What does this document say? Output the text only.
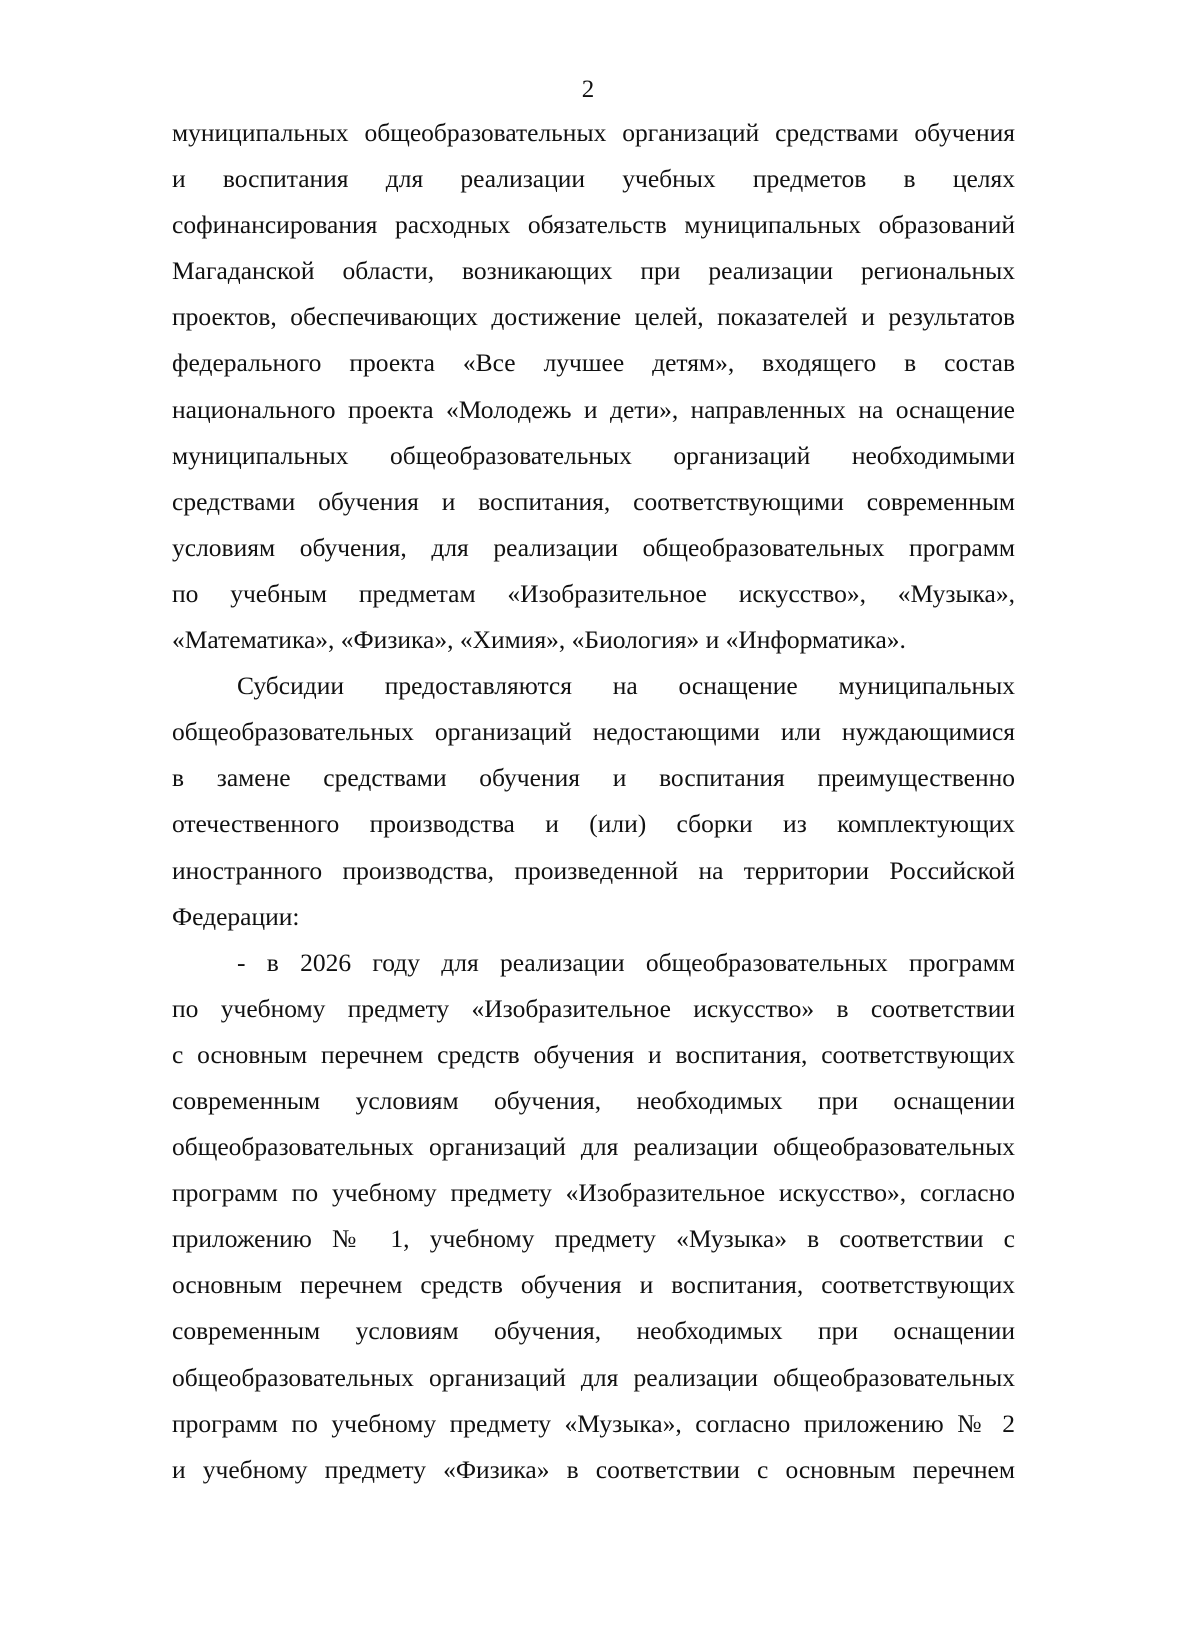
2
муниципальных общеобразовательных организаций средствами обучения
и воспитания для реализации учебных предметов в целях
софинансирования расходных обязательств муниципальных образований
Магаданской области, возникающих при реализации региональных
проектов, обеспечивающих достижение целей, показателей и результатов
федерального проекта «Все лучшее детям», входящего в состав
национального проекта «Молодежь и дети», направленных на оснащение
муниципальных общеобразовательных организаций необходимыми
средствами обучения и воспитания, соответствующими современным
условиям обучения, для реализации общеобразовательных программ
по учебным предметам «Изобразительное искусство», «Музыка»,
«Математика», «Физика», «Химия», «Биология» и «Информатика».
Субсидии предоставляются на оснащение муниципальных
общеобразовательных организаций недостающими или нуждающимися
в замене средствами обучения и воспитания преимущественно
отечественного производства и (или) сборки из комплектующих
иностранного производства, произведенной на территории Российской
Федерации:
- в 2026 году для реализации общеобразовательных программ
по учебному предмету «Изобразительное искусство» в соответствии
с основным перечнем средств обучения и воспитания, соответствующих
современным условиям обучения, необходимых при оснащении
общеобразовательных организаций для реализации общеобразовательных
программ по учебному предмету «Изобразительное искусство», согласно
приложению № 1, учебному предмету «Музыка» в соответствии с
основным перечнем средств обучения и воспитания, соответствующих
современным условиям обучения, необходимых при оснащении
общеобразовательных организаций для реализации общеобразовательных
программ по учебному предмету «Музыка», согласно приложению № 2
и учебному предмету «Физика» в соответствии с основным перечнем
